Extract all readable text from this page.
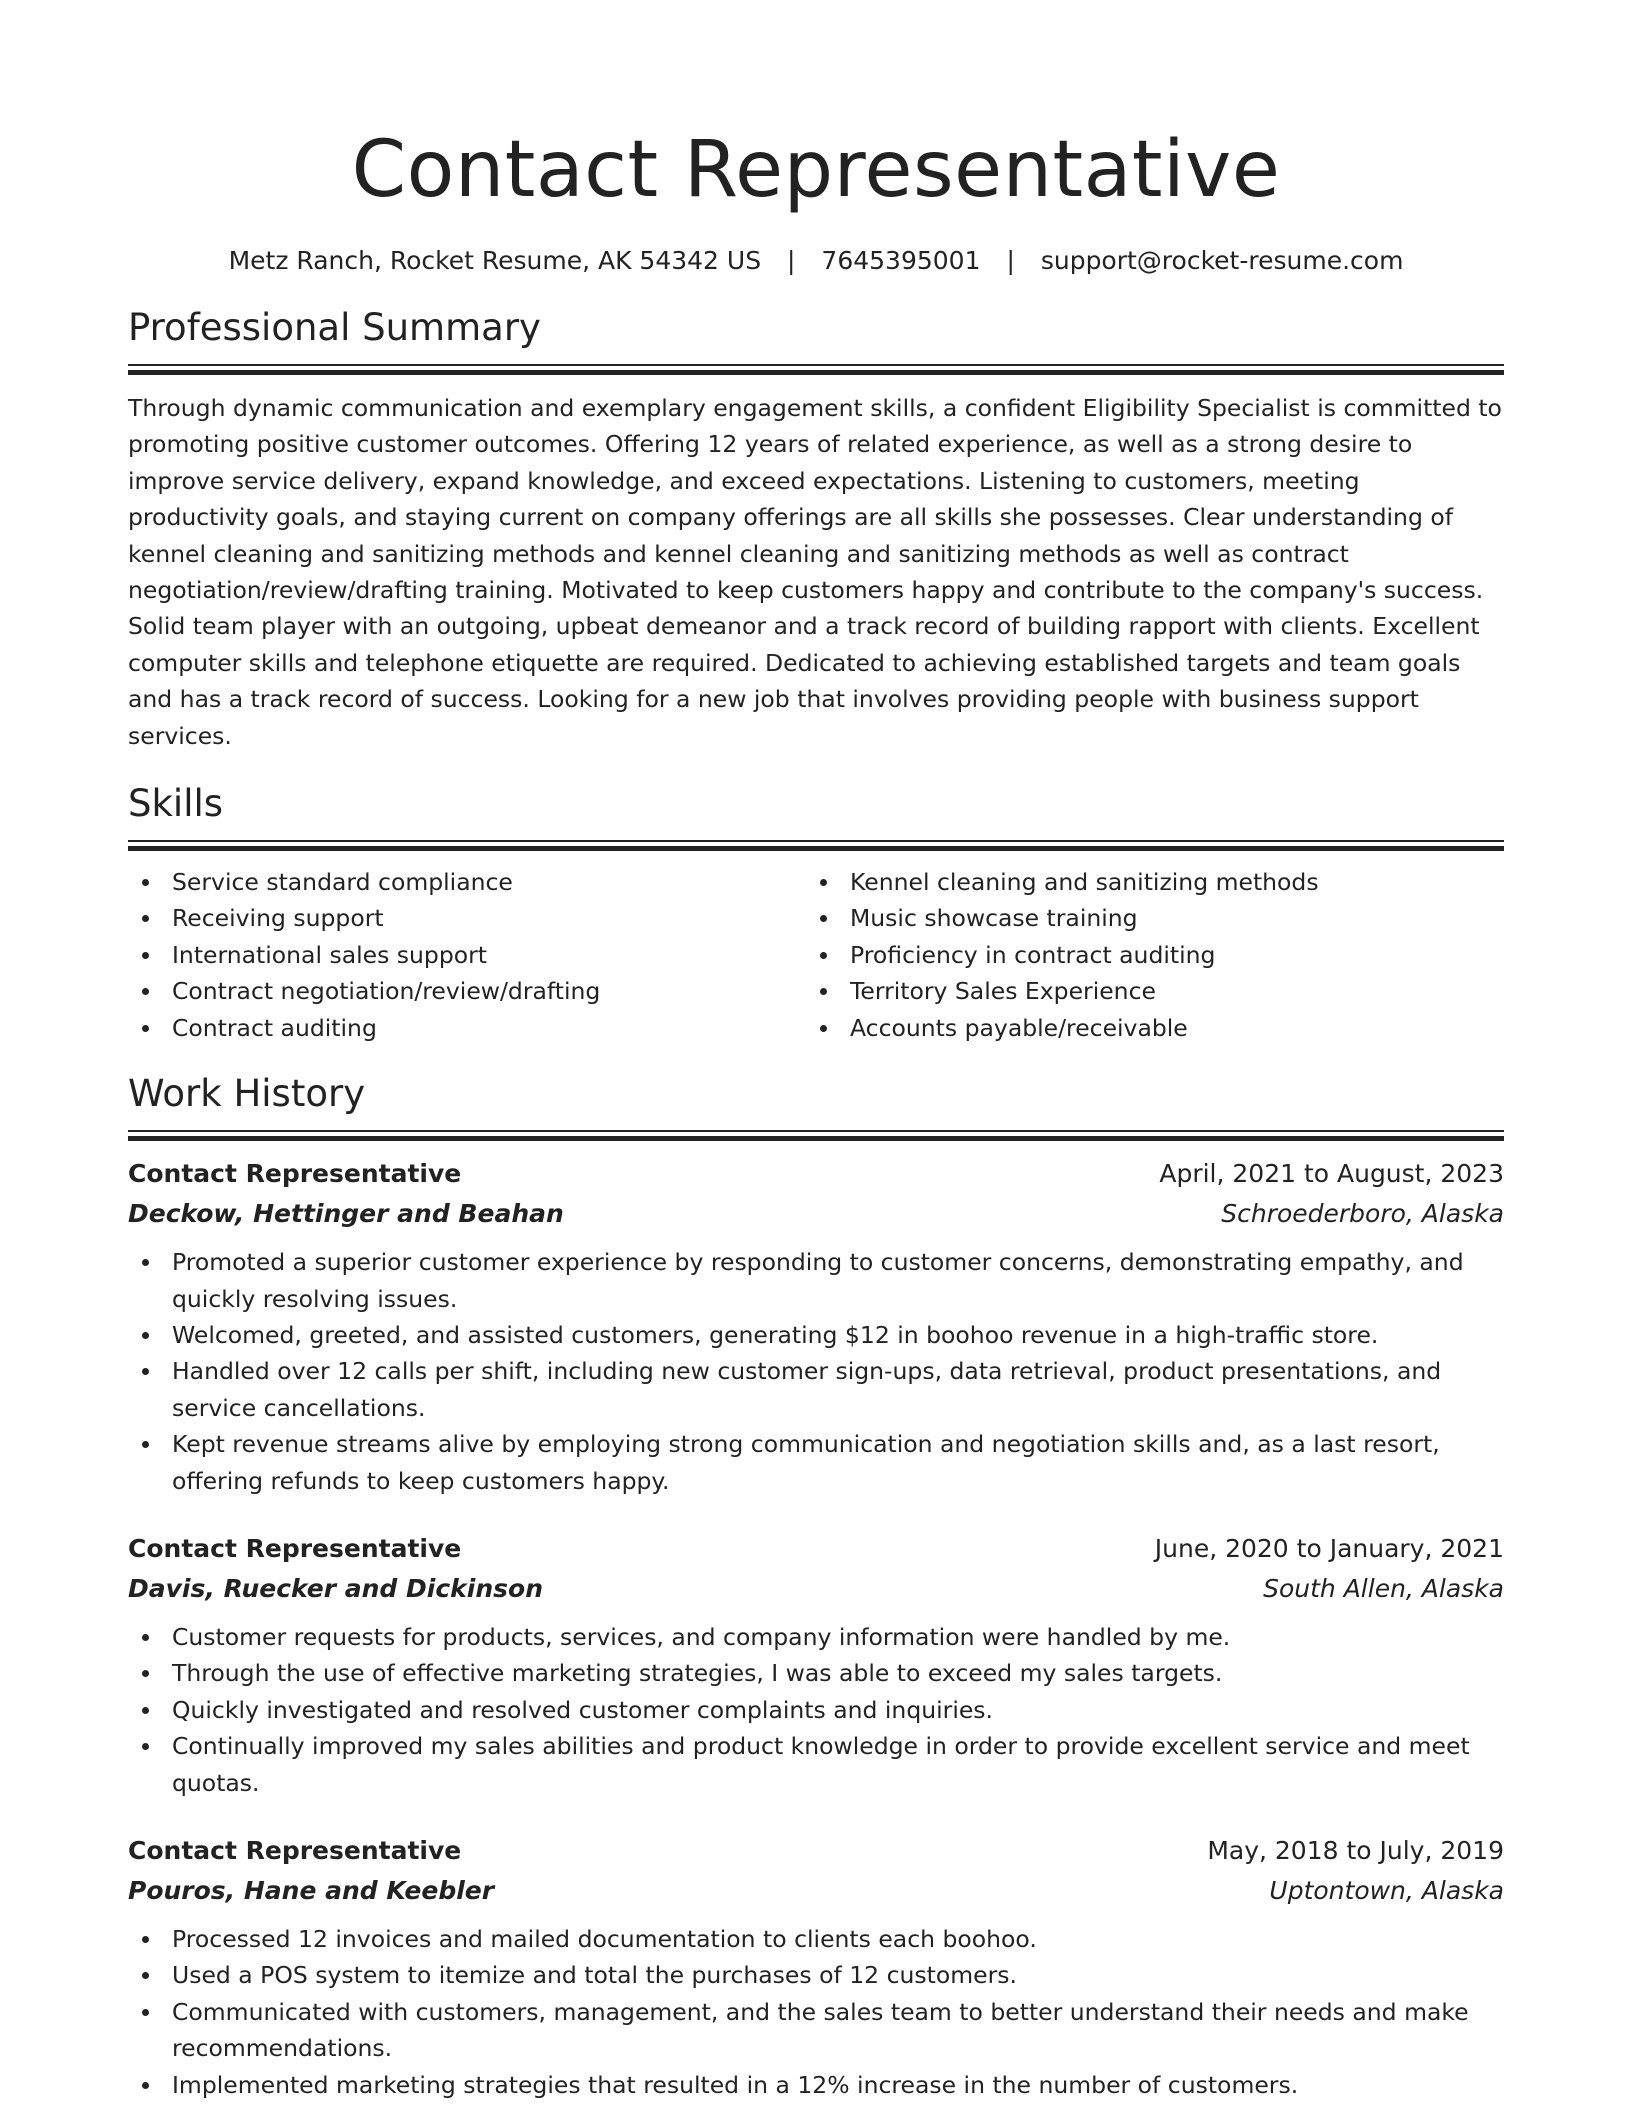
Contact Representative
Metz Ranch, Rocket Resume, AK 54342 US | 7645395001 | support@rocket-resume.com
Professional Summary
Through dynamic communication and exemplary engagement skills, a confident Eligibility Specialist is committed to promoting positive customer outcomes. Offering 12 years of related experience, as well as a strong desire to improve service delivery, expand knowledge, and exceed expectations. Listening to customers, meeting productivity goals, and staying current on company offerings are all skills she possesses. Clear understanding of kennel cleaning and sanitizing methods and kennel cleaning and sanitizing methods as well as contract negotiation/review/drafting training. Motivated to keep customers happy and contribute to the company's success. Solid team player with an outgoing, upbeat demeanor and a track record of building rapport with clients. Excellent computer skills and telephone etiquette are required. Dedicated to achieving established targets and team goals and has a track record of success. Looking for a new job that involves providing people with business support services.
Skills
Service standard compliance
Receiving support
International sales support
Contract negotiation/review/drafting
Contract auditing
Kennel cleaning and sanitizing methods
Music showcase training
Proficiency in contract auditing
Territory Sales Experience
Accounts payable/receivable
Work History
Contact Representative	April, 2021 to August, 2023
Deckow, Hettinger and Beahan	Schroederboro, Alaska
Promoted a superior customer experience by responding to customer concerns, demonstrating empathy, and quickly resolving issues.
Welcomed, greeted, and assisted customers, generating $12 in boohoo revenue in a high-traffic store.
Handled over 12 calls per shift, including new customer sign-ups, data retrieval, product presentations, and service cancellations.
Kept revenue streams alive by employing strong communication and negotiation skills and, as a last resort, offering refunds to keep customers happy.
Contact Representative	June, 2020 to January, 2021
Davis, Ruecker and Dickinson	South Allen, Alaska
Customer requests for products, services, and company information were handled by me.
Through the use of effective marketing strategies, I was able to exceed my sales targets.
Quickly investigated and resolved customer complaints and inquiries.
Continually improved my sales abilities and product knowledge in order to provide excellent service and meet quotas.
Contact Representative	May, 2018 to July, 2019
Pouros, Hane and Keebler	Uptontown, Alaska
Processed 12 invoices and mailed documentation to clients each boohoo.
Used a POS system to itemize and total the purchases of 12 customers.
Communicated with customers, management, and the sales team to better understand their needs and make recommendations.
Implemented marketing strategies that resulted in a 12% increase in the number of customers.
